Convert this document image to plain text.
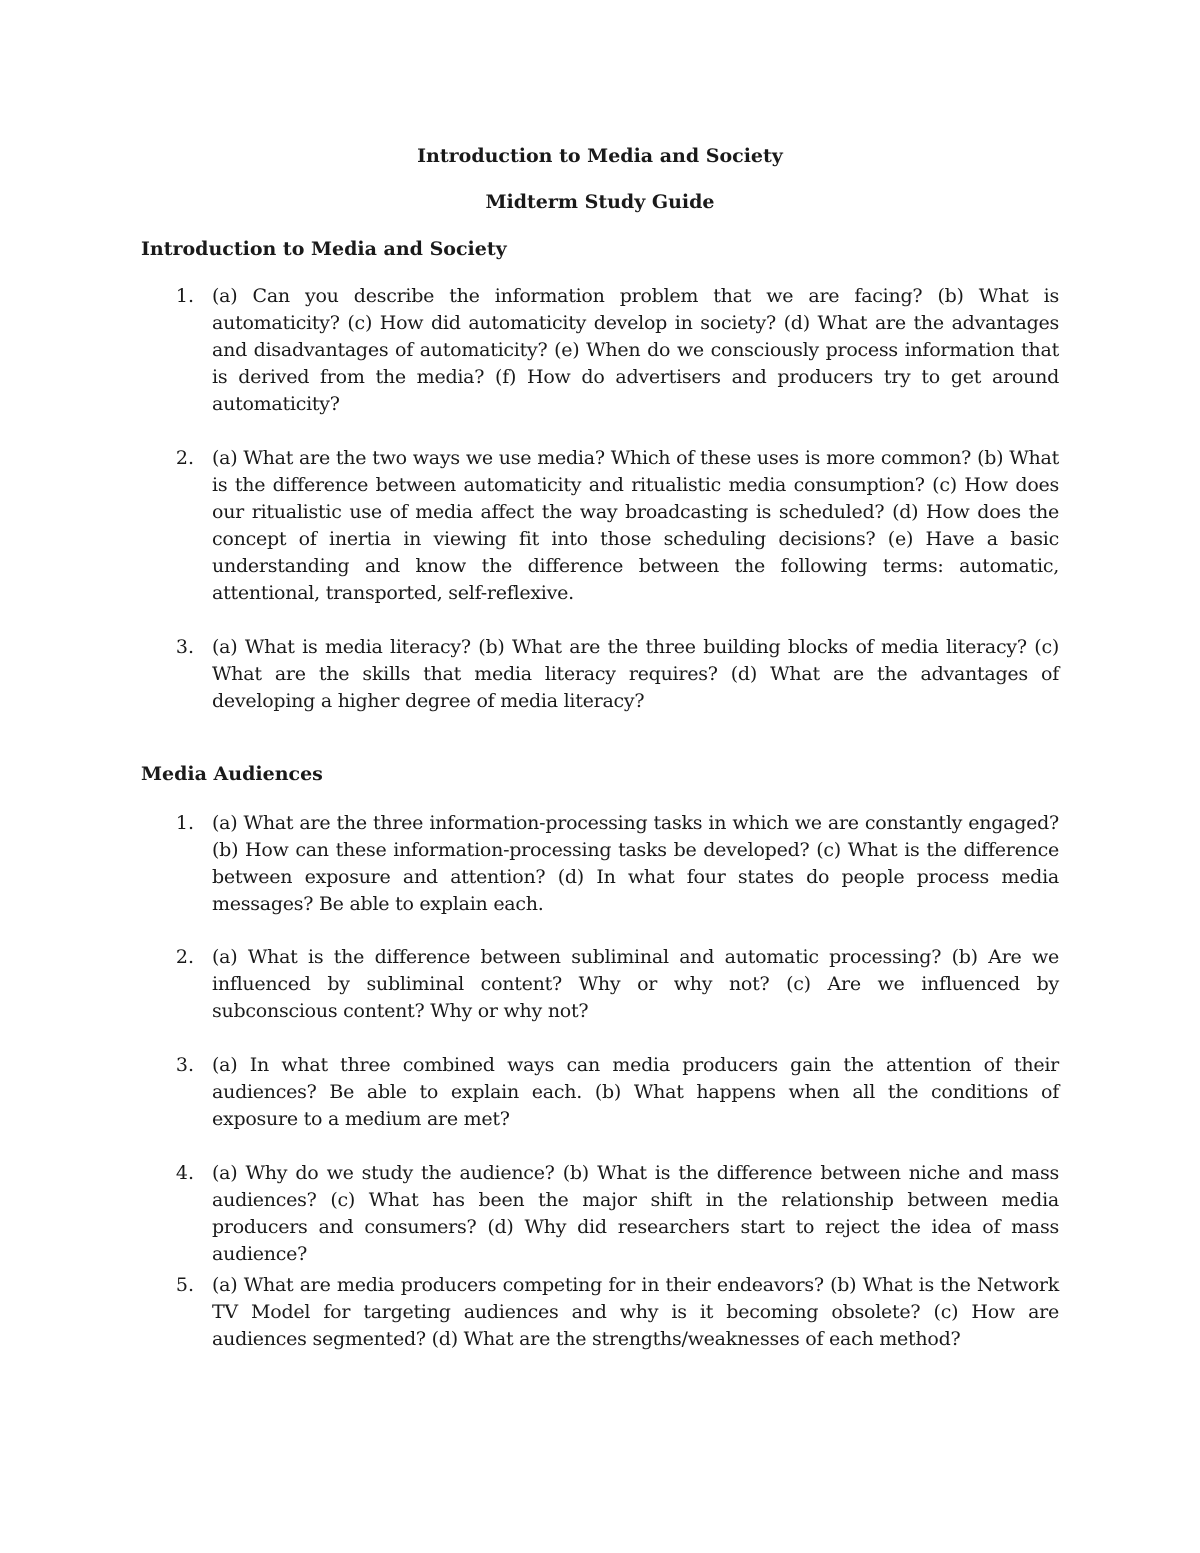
Introduction to Media and Society
Midterm Study Guide
Introduction to Media and Society
1. (a) Can you describe the information problem that we are facing? (b) What is automaticity? (c) How did automaticity develop in society? (d) What are the advantages and disadvantages of automaticity? (e) When do we consciously process information that is derived from the media? (f) How do advertisers and producers try to get around automaticity?
2. (a) What are the two ways we use media? Which of these uses is more common? (b) What is the difference between automaticity and ritualistic media consumption? (c) How does our ritualistic use of media affect the way broadcasting is scheduled? (d) How does the concept of inertia in viewing fit into those scheduling decisions? (e) Have a basic understanding and know the difference between the following terms: automatic, attentional, transported, self-reflexive.
3. (a) What is media literacy? (b) What are the three building blocks of media literacy? (c) What are the skills that media literacy requires? (d) What are the advantages of developing a higher degree of media literacy?
Media Audiences
1. (a) What are the three information-processing tasks in which we are constantly engaged? (b) How can these information-processing tasks be developed? (c) What is the difference between exposure and attention? (d) In what four states do people process media messages? Be able to explain each.
2. (a) What is the difference between subliminal and automatic processing? (b) Are we influenced by subliminal content? Why or why not? (c) Are we influenced by subconscious content? Why or why not?
3. (a) In what three combined ways can media producers gain the attention of their audiences? Be able to explain each. (b) What happens when all the conditions of exposure to a medium are met?
4. (a) Why do we study the audience? (b) What is the difference between niche and mass audiences? (c) What has been the major shift in the relationship between media producers and consumers? (d) Why did researchers start to reject the idea of mass audience?
5. (a) What are media producers competing for in their endeavors? (b) What is the Network TV Model for targeting audiences and why is it becoming obsolete? (c) How are audiences segmented? (d) What are the strengths/weaknesses of each method?
